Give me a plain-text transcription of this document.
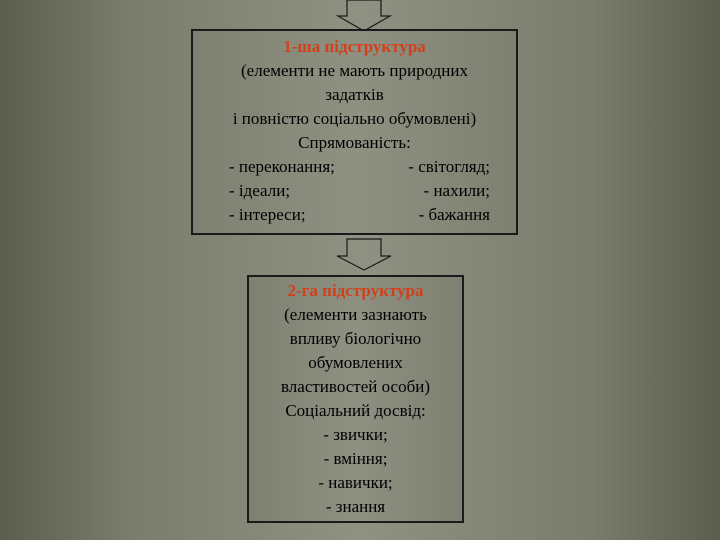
1-ша підструктура
(елементи не мають природних
задатків
і повністю соціально обумовлені)
Спрямованість:
- переконання;	- світогляд;
- ідеали;	- нахили;
- інтереси;	- бажання
2-га підструктура
(елементи зазнають
впливу біологічно
обумовлених
властивостей особи)
Соціальний досвід:
- звички;
- вміння;
- навички;
- знання
